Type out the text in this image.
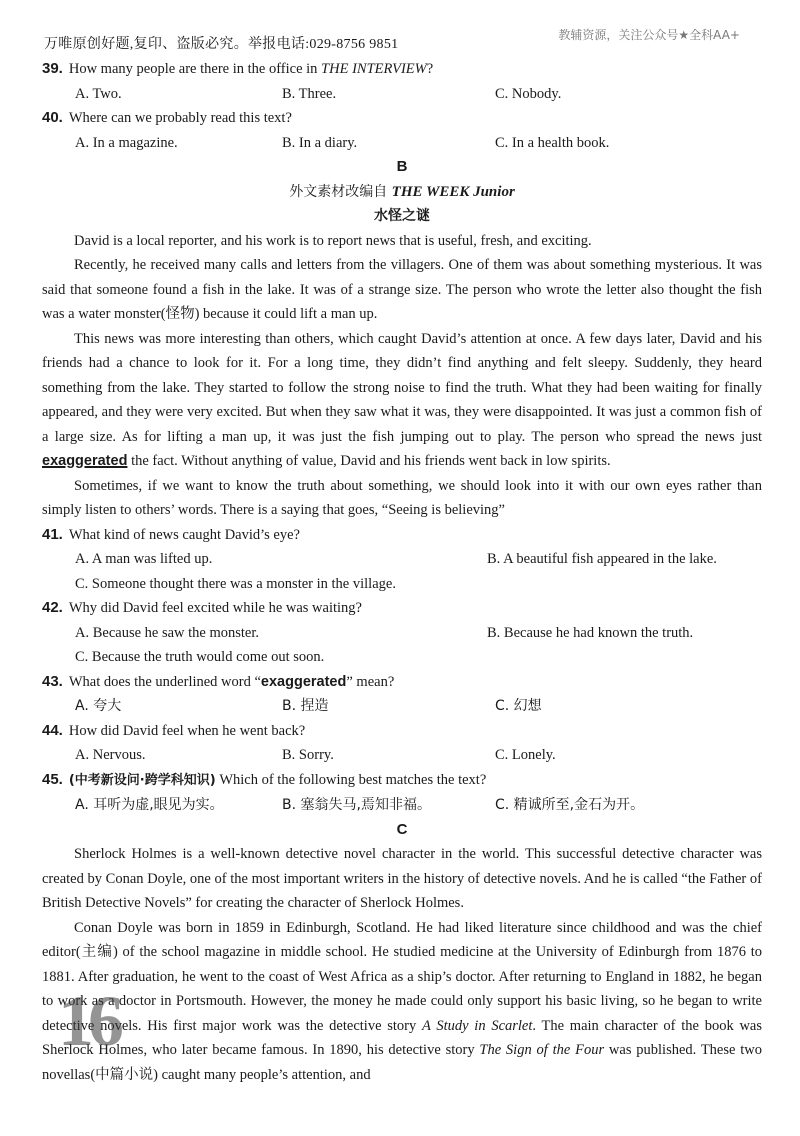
万唯原创好题,复印、盗版必究。举报电话:029-8756 9851
教辅资源，关注公众号★全科AA+
39. How many people are there in the office in THE INTERVIEW?
A. Two.	B. Three.	C. Nobody.
40. Where can we probably read this text?
A. In a magazine.	B. In a diary.	C. In a health book.
B
外文素材改编自 THE WEEK Junior
水怪之谜

David is a local reporter, and his work is to report news that is useful, fresh, and exciting.

Recently, he received many calls and letters from the villagers. One of them was about something mysterious. It was said that someone found a fish in the lake. It was of a strange size. The person who wrote the letter also thought the fish was a water monster(怪物) because it could lift a man up.

This news was more interesting than others, which caught David’s attention at once. A few days later, David and his friends had a chance to look for it. For a long time, they didn’t find anything and felt sleepy. Suddenly, they heard something from the lake. They started to follow the strong noise to find the truth. What they had been waiting for finally appeared, and they were very excited. But when they saw what it was, they were disappointed. It was just a common fish of a large size. As for lifting a man up, it was just the fish jumping out to play. The person who spread the news just exaggerated the fact. Without anything of value, David and his friends went back in low spirits.

Sometimes, if we want to know the truth about something, we should look into it with our own eyes rather than simply listen to others’ words. There is a saying that goes, “Seeing is believing”

41. What kind of news caught David’s eye?
A. A man was lifted up.	B. A beautiful fish appeared in the lake.
C. Someone thought there was a monster in the village.
42. Why did David feel excited while he was waiting?
A. Because he saw the monster.	B. Because he had known the truth.
C. Because the truth would come out soon.
43. What does the underlined word “exaggerated” mean?
A. 夸大	B. 捏造	C. 幻想
44. How did David feel when he went back?
A. Nervous.	B. Sorry.	C. Lonely.
45. (中考新设问·跨学科知识) Which of the following best matches the text?
A. 耳听为虚,眼见为实。	B. 塞翁失马,焉知非福。	C. 精诚所至,金石为开。
C

Sherlock Holmes is a well-known detective novel character in the world. This successful detective character was created by Conan Doyle, one of the most important writers in the history of detective novels. And he is called “the Father of British Detective Novels” for creating the character of Sherlock Holmes.

Conan Doyle was born in 1859 in Edinburgh, Scotland. He had liked literature since childhood and was the chief editor(主编) of the school magazine in middle school. He studied medicine at the University of Edinburgh from 1876 to 1881. After graduation, he went to the coast of West Africa as a ship’s doctor. After returning to England in 1882, he began to work as a doctor in Portsmouth. However, the money he made could only support his basic living, so he began to write detective novels. His first major work was the detective story A Study in Scarlet. The main character of the book was Sherlock Holmes, who later became famous. In 1890, his detective story The Sign of the Four was published. These two novellas(中篇小说) caught many people’s attention, and

16
